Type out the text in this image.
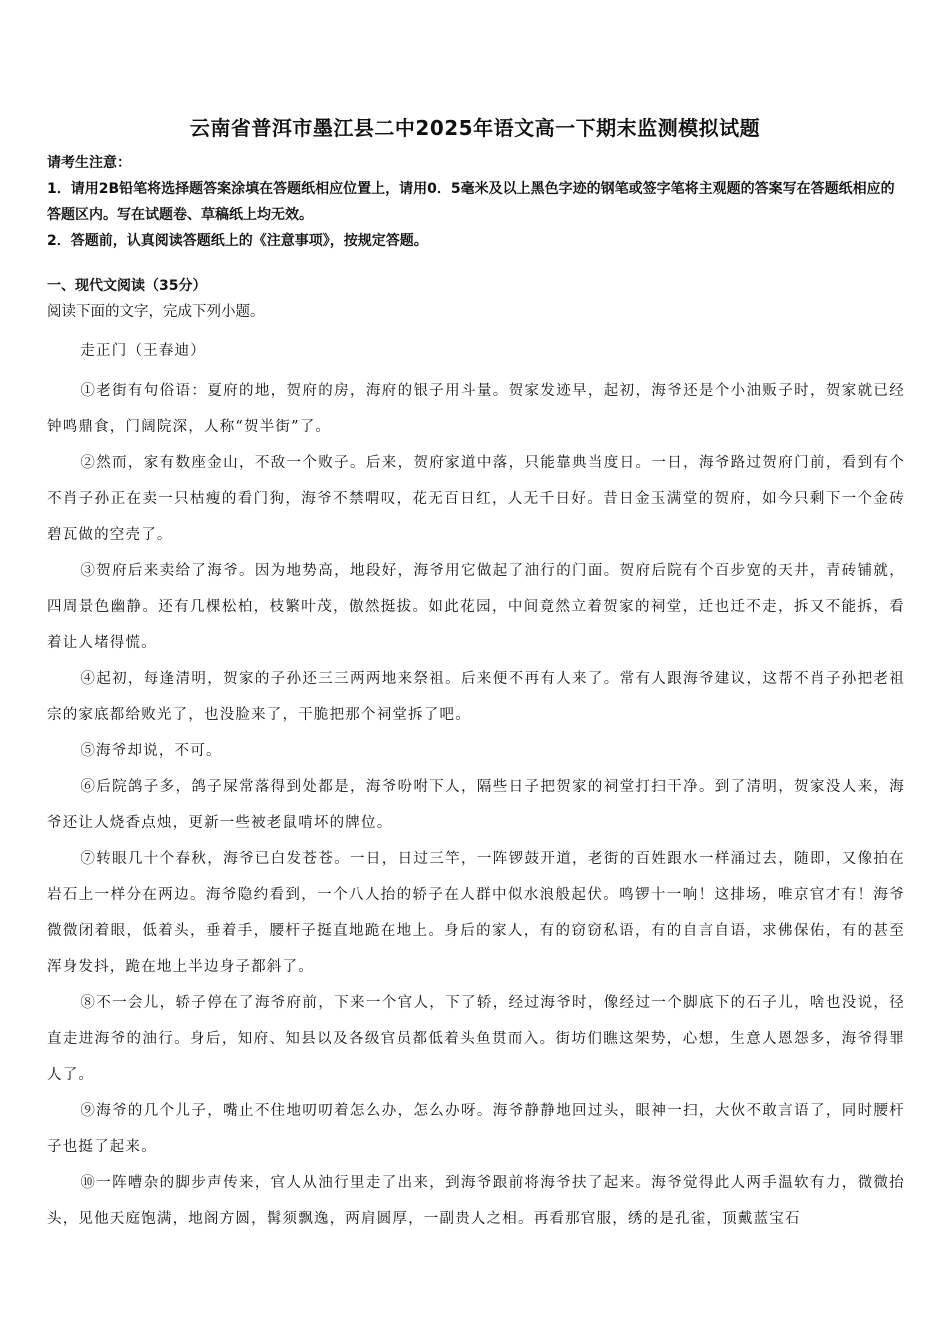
云南省普洱市墨江县二中2025年语文高一下期末监测模拟试题

请考生注意：

1．请用2B铅笔将选择题答案涂填在答题纸相应位置上，请用0．5毫米及以上黑色字迹的钢笔或签字笔将主观题的答案写在答题纸相应的答题区内。写在试题卷、草稿纸上均无效。

2．答题前，认真阅读答题纸上的《注意事项》，按规定答题。

一、现代文阅读（35分）

阅读下面的文字，完成下列小题。

走正门（王春迪）

①老街有句俗语：夏府的地，贺府的房，海府的银子用斗量。贺家发迹早，起初，海爷还是个小油贩子时，贺家就已经钟鸣鼎食，门阔院深，人称“贺半街”了。

②然而，家有数座金山，不敌一个败子。后来，贺府家道中落，只能靠典当度日。一日，海爷路过贺府门前，看到有个不肖子孙正在卖一只枯瘦的看门狗，海爷不禁喟叹，花无百日红，人无千日好。昔日金玉满堂的贺府，如今只剩下一个金砖碧瓦做的空壳了。

③贺府后来卖给了海爷。因为地势高，地段好，海爷用它做起了油行的门面。贺府后院有个百步宽的天井，青砖铺就，四周景色幽静。还有几棵松柏，枝繁叶茂，傲然挺拔。如此花园，中间竟然立着贺家的祠堂，迁也迁不走，拆又不能拆，看着让人堵得慌。

④起初，每逢清明，贺家的子孙还三三两两地来祭祖。后来便不再有人来了。常有人跟海爷建议，这帮不肖子孙把老祖宗的家底都给败光了，也没脸来了，干脆把那个祠堂拆了吧。

⑤海爷却说，不可。

⑥后院鸽子多，鸽子屎常落得到处都是，海爷吩咐下人，隔些日子把贺家的祠堂打扫干净。到了清明，贺家没人来，海爷还让人烧香点烛，更新一些被老鼠啃坏的牌位。

⑦转眼几十个春秋，海爷已白发苍苍。一日，日过三竿，一阵锣鼓开道，老街的百姓跟水一样涌过去，随即，又像拍在岩石上一样分在两边。海爷隐约看到，一个八人抬的轿子在人群中似水浪般起伏。鸣锣十一响！这排场，唯京官才有！海爷微微闭着眼，低着头，垂着手，腰杆子挺直地跪在地上。身后的家人，有的窃窃私语，有的自言自语，求佛保佑，有的甚至浑身发抖，跪在地上半边身子都斜了。

⑧不一会儿，轿子停在了海爷府前，下来一个官人，下了轿，经过海爷时，像经过一个脚底下的石子儿，啥也没说，径直走进海爷的油行。身后，知府、知县以及各级官员都低着头鱼贯而入。街坊们瞧这架势，心想，生意人恩怨多，海爷得罪人了。

⑨海爷的几个儿子，嘴止不住地叨叨着怎么办，怎么办呀。海爷静静地回过头，眼神一扫，大伙不敢言语了，同时腰杆子也挺了起来。

⑩一阵嘈杂的脚步声传来，官人从油行里走了出来，到海爷跟前将海爷扶了起来。海爷觉得此人两手温软有力，微微抬头，见他天庭饱满，地阁方圆，髯须飘逸，两肩圆厚，一副贵人之相。再看那官服，绣的是孔雀，顶戴蓝宝石
